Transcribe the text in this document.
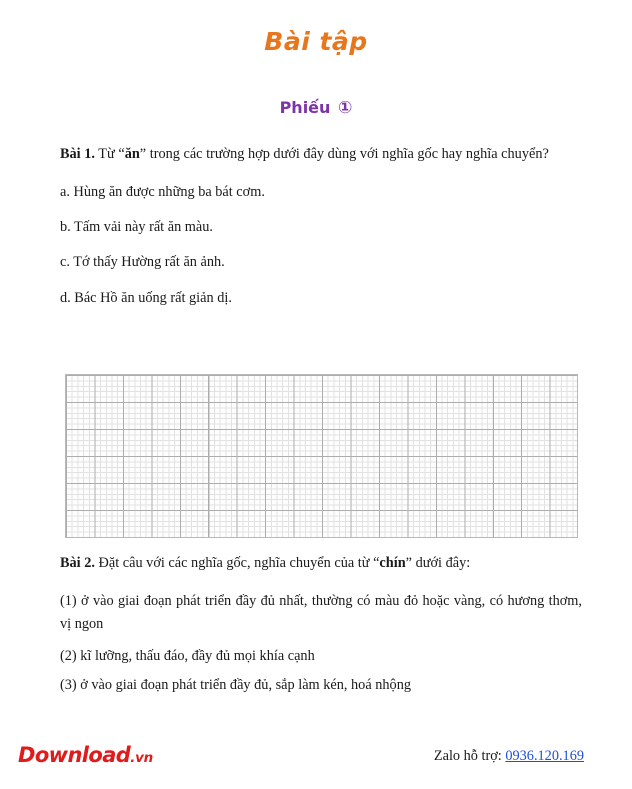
Bài tập
Phiếu ①

Bài 1. Từ “ăn” trong các trường hợp dưới đây dùng với nghĩa gốc hay nghĩa chuyển?

a. Hùng ăn được những ba bát cơm.

b. Tấm vải này rất ăn màu.

c. Tớ thấy Hường rất ăn ảnh.

d. Bác Hồ ăn uống rất giản dị.

Bài 2. Đặt câu với các nghĩa gốc, nghĩa chuyển của từ “chín” dưới đây:

(1) ở vào giai đoạn phát triển đầy đủ nhất, thường có màu đỏ hoặc vàng, có hương thơm, vị ngon

(2) kĩ lưỡng, thấu đáo, đầy đủ mọi khía cạnh

(3) ở vào giai đoạn phát triển đầy đủ, sắp làm kén, hoá nhộng

Download.vn	Zalo hỗ trợ: 0936.120.169
